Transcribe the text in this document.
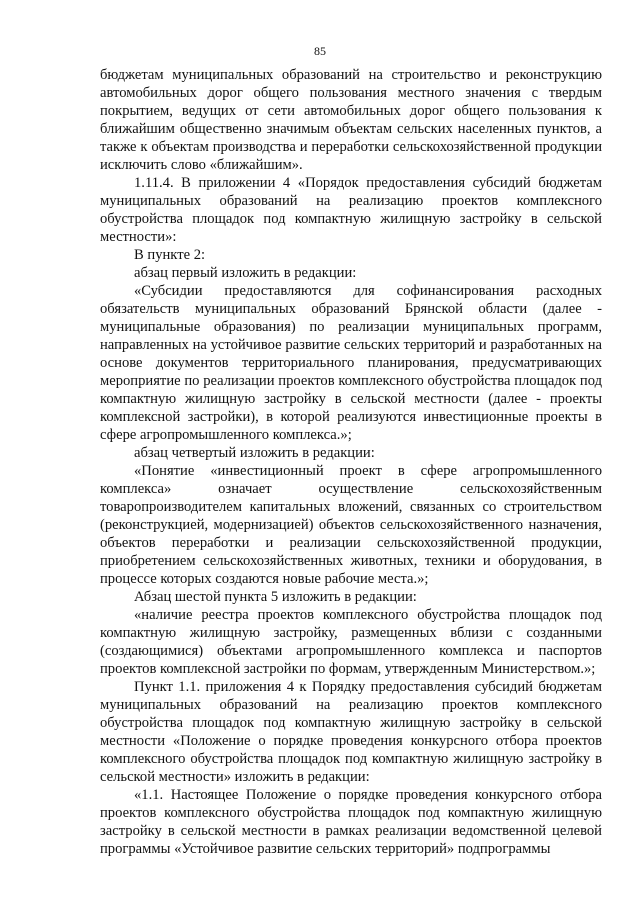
85

бюджетам муниципальных образований на строительство и реконструкцию автомобильных дорог общего пользования местного значения с твердым покрытием, ведущих от сети автомобильных дорог общего пользования к ближайшим общественно значимым объектам сельских населенных пунктов, а также к объектам производства и переработки сельскохозяйственной продукции исключить слово «ближайшим».

1.11.4. В приложении 4 «Порядок предоставления субсидий бюджетам муниципальных образований на реализацию проектов комплексного обустройства площадок под компактную жилищную застройку в сельской местности»:

В пункте 2:

абзац первый изложить в редакции:

«Субсидии предоставляются для софинансирования расходных обязательств муниципальных образований Брянской области (далее - муниципальные образования) по реализации муниципальных программ, направленных на устойчивое развитие сельских территорий и разработанных на основе документов территориального планирования, предусматривающих мероприятие по реализации проектов комплексного обустройства площадок под компактную жилищную застройку в сельской местности (далее - проекты комплексной застройки), в которой реализуются инвестиционные проекты в сфере агропромышленного комплекса.»;

абзац четвертый изложить в редакции:

«Понятие «инвестиционный проект в сфере агропромышленного комплекса» означает осуществление сельскохозяйственным товаропроизводителем капитальных вложений, связанных со строительством (реконструкцией, модернизацией) объектов сельскохозяйственного назначения, объектов переработки и реализации сельскохозяйственной продукции, приобретением сельскохозяйственных животных, техники и оборудования, в процессе которых создаются новые рабочие места.»;

Абзац шестой пункта 5 изложить в редакции:

«наличие реестра проектов комплексного обустройства площадок под компактную жилищную застройку, размещенных вблизи с созданными (создающимися) объектами агропромышленного комплекса и паспортов проектов комплексной застройки по формам, утвержденным Министерством.»;

Пункт 1.1. приложения 4 к Порядку предоставления субсидий бюджетам муниципальных образований на реализацию проектов комплексного обустройства площадок под компактную жилищную застройку в сельской местности «Положение о порядке проведения конкурсного отбора проектов комплексного обустройства площадок под компактную жилищную застройку в сельской местности» изложить в редакции:

«1.1. Настоящее Положение о порядке проведения конкурсного отбора проектов комплексного обустройства площадок под компактную жилищную застройку в сельской местности в рамках реализации ведомственной целевой программы «Устойчивое развитие сельских территорий» подпрограммы
